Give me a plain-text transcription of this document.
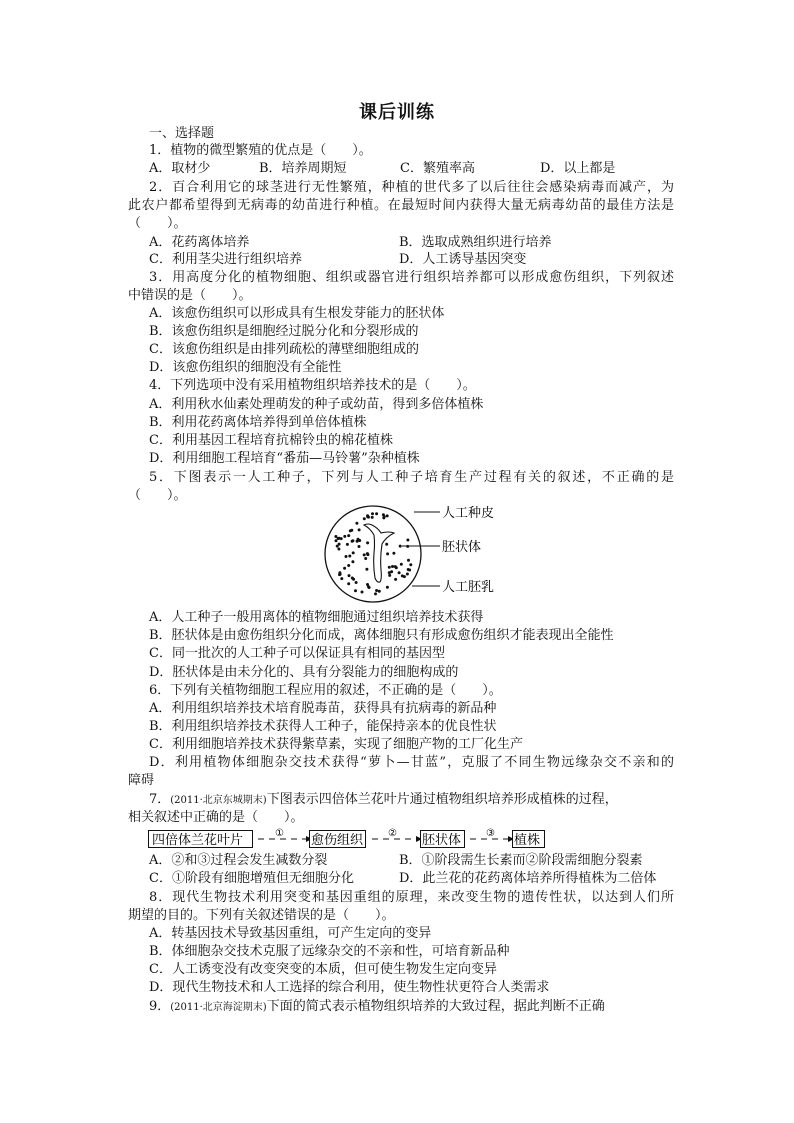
课后训练
一、选择题
1．植物的微型繁殖的优点是（　　）。
A．取材少	B．培养周期短	C．繁殖率高	D．以上都是
2．百合利用它的球茎进行无性繁殖，种植的世代多了以后往往会感染病毒而减产，为
此农户都希望得到无病毒的幼苗进行种植。在最短时间内获得大量无病毒幼苗的最佳方法是
（　　）。
A．花药离体培养	B．选取成熟组织进行培养
C．利用茎尖进行组织培养	D．人工诱导基因突变
3．用高度分化的植物细胞、组织或器官进行组织培养都可以形成愈伤组织，下列叙述
中错误的是（　　）。
A．该愈伤组织可以形成具有生根发芽能力的胚状体
B．该愈伤组织是细胞经过脱分化和分裂形成的
C．该愈伤组织是由排列疏松的薄壁细胞组成的
D．该愈伤组织的细胞没有全能性
4．下列选项中没有采用植物组织培养技术的是（　　）。
A．利用秋水仙素处理萌发的种子或幼苗，得到多倍体植株
B．利用花药离体培养得到单倍体植株
C．利用基因工程培育抗棉铃虫的棉花植株
D．利用细胞工程培育“番茄—马铃薯”杂种植株
5．下图表示一人工种子，下列与人工种子培育生产过程有关的叙述，不正确的是
（　　）。
人工种皮
胚状体
人工胚乳
A．人工种子一般用离体的植物细胞通过组织培养技术获得
B．胚状体是由愈伤组织分化而成，离体细胞只有形成愈伤组织才能表现出全能性
C．同一批次的人工种子可以保证具有相同的基因型
D．胚状体是由未分化的、具有分裂能力的细胞构成的
6．下列有关植物细胞工程应用的叙述，不正确的是（　　）。
A．利用组织培养技术培育脱毒苗，获得具有抗病毒的新品种
B．利用组织培养技术获得人工种子，能保持亲本的优良性状
C．利用细胞培养技术获得紫草素，实现了细胞产物的工厂化生产
D．利用植物体细胞杂交技术获得“萝卜—甘蓝”，克服了不同生物远缘杂交不亲和的
障碍
7．(2011·北京东城期末)下图表示四倍体兰花叶片通过植物组织培养形成植株的过程，
相关叙述中正确的是（　　）。
四倍体兰花叶片	① 愈伤组织 ② 胚状体 ③ 植株
A．②和③过程会发生减数分裂	B．①阶段需生长素而②阶段需细胞分裂素
C．①阶段有细胞增殖但无细胞分化	D．此兰花的花药离体培养所得植株为二倍体
8．现代生物技术利用突变和基因重组的原理，来改变生物的遗传性状，以达到人们所
期望的目的。下列有关叙述错误的是（　　）。
A．转基因技术导致基因重组，可产生定向的变异
B．体细胞杂交技术克服了远缘杂交的不亲和性，可培育新品种
C．人工诱变没有改变突变的本质，但可使生物发生定向变异
D．现代生物技术和人工选择的综合利用，使生物性状更符合人类需求
9．(2011·北京海淀期末)下面的简式表示植物组织培养的大致过程，据此判断不正确
